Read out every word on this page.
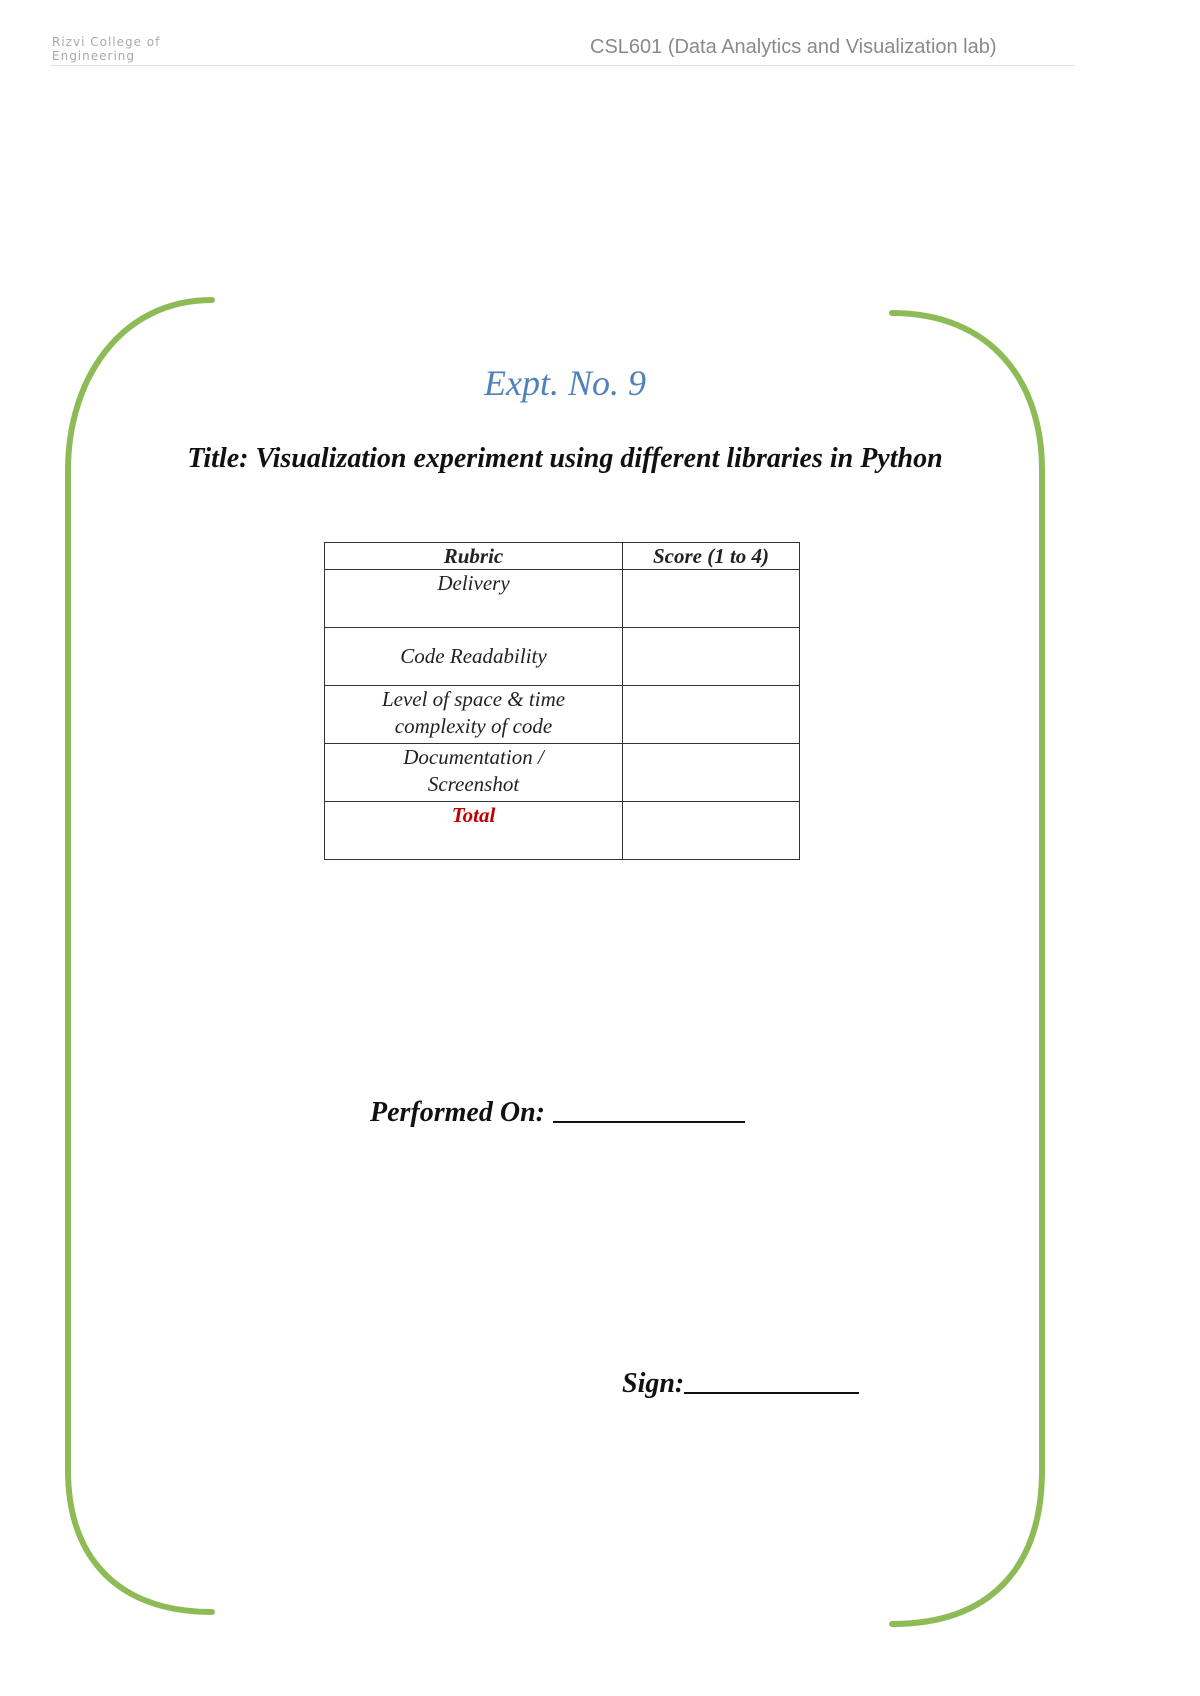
Rizvi College of
Engineering	CSL601 (Data Analytics and Visualization lab)
Expt. No. 9
Title: Visualization experiment using different libraries in Python
Rubric	Score (1 to 4)
Delivery	
Code Readability	
Level of space & time complexity of code	
Documentation / Screenshot	
Total	
Performed On:
Sign:
